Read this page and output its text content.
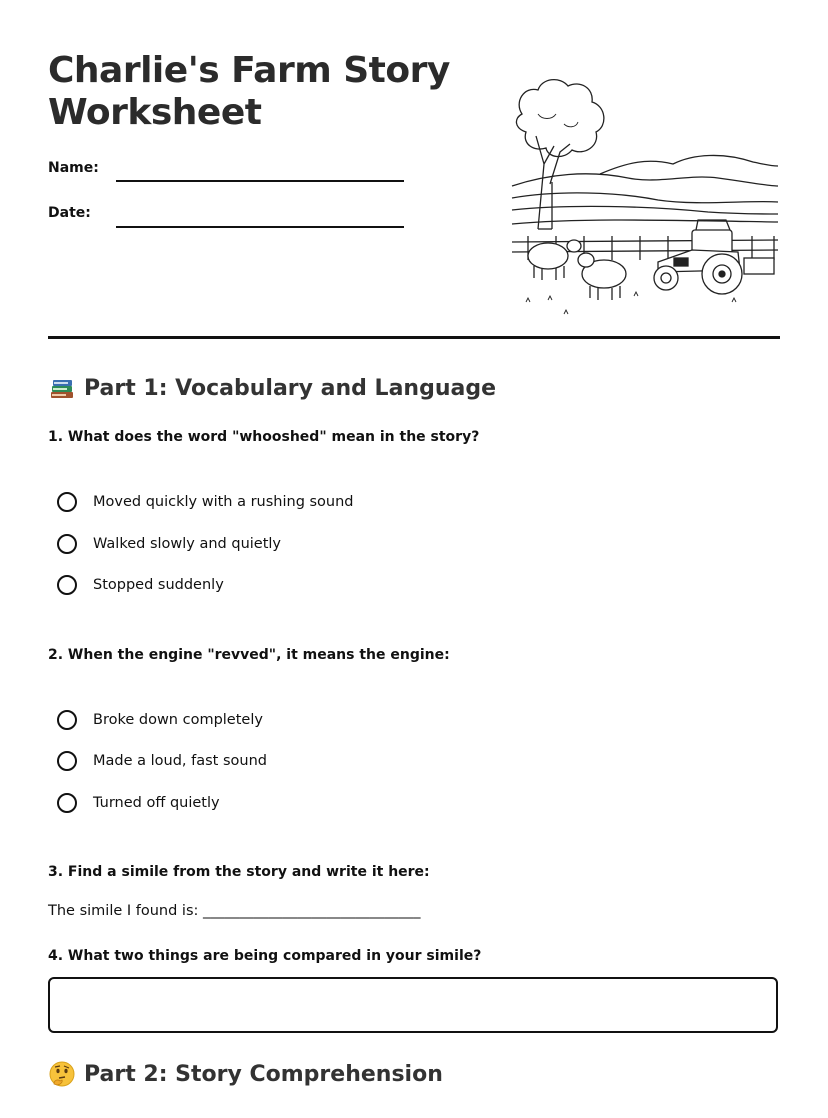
Charlie's Farm Story
Worksheet
Name:
Date:
Part 1: Vocabulary and Language
1. What does the word "whooshed" mean in the story?
Moved quickly with a rushing sound
Walked slowly and quietly
Stopped suddenly
2. When the engine "revved", it means the engine:
Broke down completely
Made a loud, fast sound
Turned off quietly
3. Find a simile from the story and write it here:
The simile I found is: ______________________________
4. What two things are being compared in your simile?
Part 2: Story Comprehension
